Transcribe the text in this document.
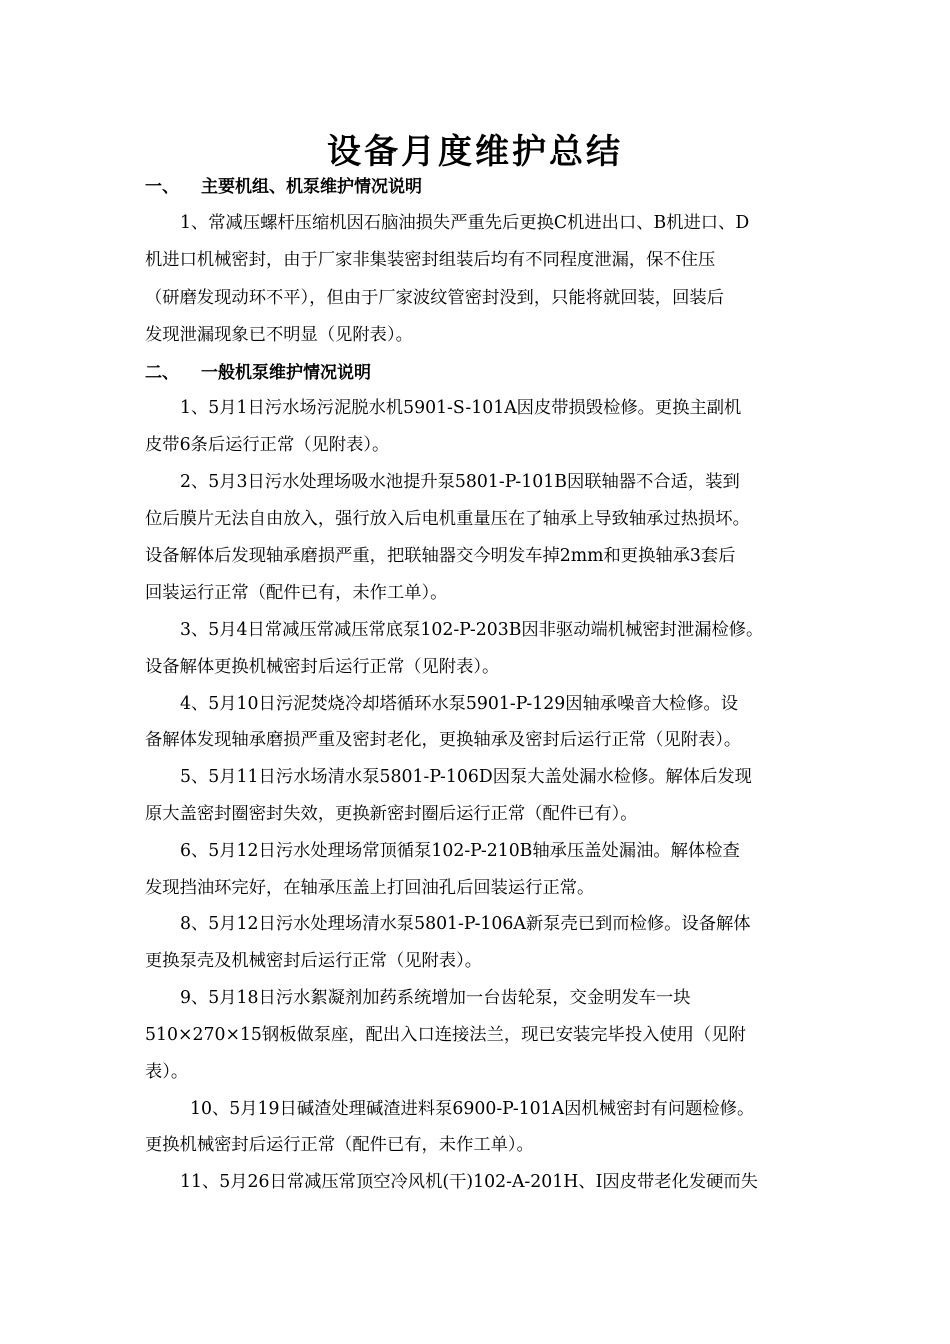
设备月度维护总结
一、 主要机组、机泵维护情况说明
1、常减压螺杆压缩机因石脑油损失严重先后更换C机进出口、B机进口、D
机进口机械密封，由于厂家非集装密封组装后均有不同程度泄漏，保不住压
（研磨发现动环不平），但由于厂家波纹管密封没到，只能将就回装，回装后
发现泄漏现象已不明显（见附表）。
二、 一般机泵维护情况说明
1、5月1日污水场污泥脱水机5901-S-101A因皮带损毁检修。更换主副机
皮带6条后运行正常（见附表）。
2、5月3日污水处理场吸水池提升泵5801-P-101B因联轴器不合适，装到
位后膜片无法自由放入，强行放入后电机重量压在了轴承上导致轴承过热损坏。
设备解体后发现轴承磨损严重，把联轴器交今明发车掉2mm和更换轴承3套后
回装运行正常（配件已有，未作工单）。
3、5月4日常减压常减压常底泵102-P-203B因非驱动端机械密封泄漏检修。
设备解体更换机械密封后运行正常（见附表）。
4、5月10日污泥焚烧冷却塔循环水泵5901-P-129因轴承噪音大检修。设
备解体发现轴承磨损严重及密封老化，更换轴承及密封后运行正常（见附表）。
5、5月11日污水场清水泵5801-P-106D因泵大盖处漏水检修。解体后发现
原大盖密封圈密封失效，更换新密封圈后运行正常（配件已有）。
6、5月12日污水处理场常顶循泵102-P-210B轴承压盖处漏油。解体检查
发现挡油环完好，在轴承压盖上打回油孔后回装运行正常。
8、5月12日污水处理场清水泵5801-P-106A新泵壳已到而检修。设备解体
更换泵壳及机械密封后运行正常（见附表）。
9、5月18日污水絮凝剂加药系统增加一台齿轮泵，交金明发车一块
510×270×15钢板做泵座，配出入口连接法兰，现已安装完毕投入使用（见附
表）。
10、5月19日碱渣处理碱渣进料泵6900-P-101A因机械密封有问题检修。
更换机械密封后运行正常（配件已有，未作工单）。
11、5月26日常减压常顶空冷风机(干)102-A-201H、I因皮带老化发硬而失
